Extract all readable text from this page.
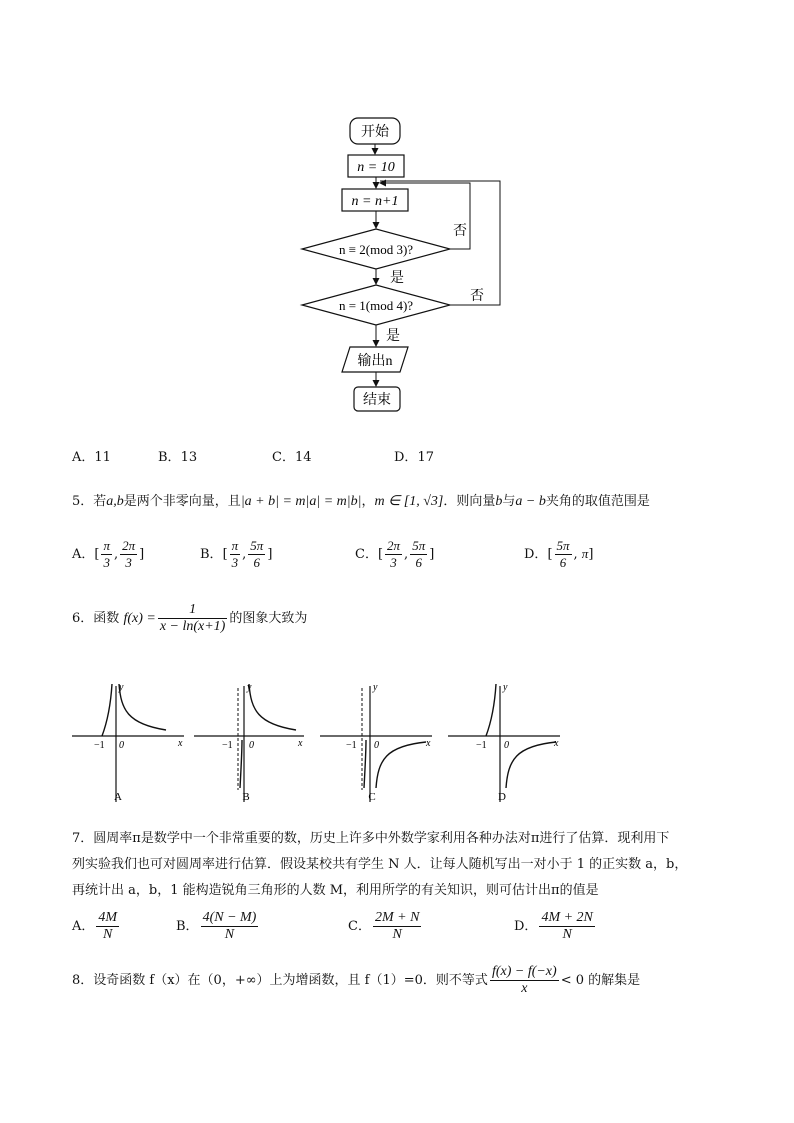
开始
n = 10
n = n+1
n ≡ 2(mod 3)?
否
是
n = 1(mod 4)?
否
是
输出n
结束
A．11	B．13	C．14	D．17
5．若a,b是两个非零向量，且|a + b| = m|a| = m|b|，m ∈ [1, √3]．则向量b与a − b夹角的取值范围是
A．[ $\frac{\pi}{3}$ , $\frac{2\pi}{3}$ ]	B．[ $\frac{\pi}{3}$ , $\frac{5\pi}{6}$ ]	C．[ $\frac{2\pi}{3}$ , $\frac{5\pi}{6}$ ]	D．[ $\frac{5\pi}{6}$ , π]
6．函数 $f(x) = \frac{1}{x - \ln(x+1)}$ 的图象大致为
y
x
0
−1
A
y
x
0
−1
B
y
x
0
−1
C
y
x
0
−1
D
7．圆周率π是数学中一个非常重要的数，历史上许多中外数学家利用各种办法对π进行了估算．现利用下
列实验我们也可对圆周率进行估算．假设某校共有学生 N 人．让每人随机写出一对小于 1 的正实数 a，b，
再统计出 a，b，1 能构造锐角三角形的人数 M，利用所学的有关知识，则可估计出π的值是
A． $\frac{4M}{N}$	B． $\frac{4(N - M)}{N}$	C． $\frac{2M + N}{N}$	D． $\frac{4M + 2N}{N}$
8．设奇函数 f（x）在（0，+∞）上为增函数，且 f（1）=0．则不等式 $\frac{f(x) - f(-x)}{x} < 0$ 的解集是
